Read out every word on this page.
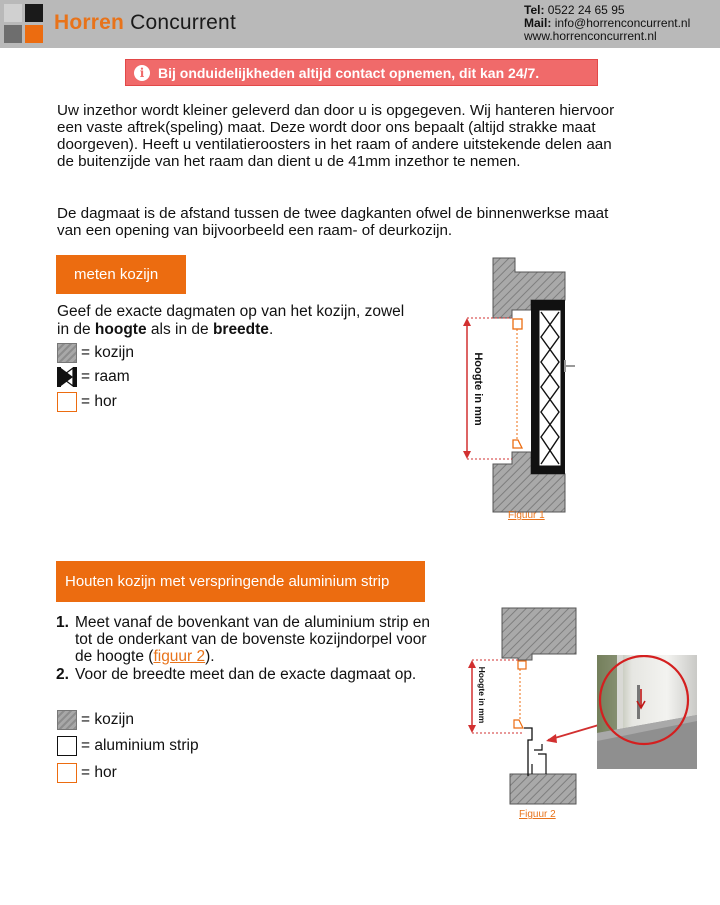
Horren Concurrent
Tel: 0522 24 65 95
Mail: info@horrenconcurrent.nl
www.horrenconcurrent.nl
i Bij onduidelijkheden altijd contact opnemen, dit kan 24/7.
Uw inzethor wordt kleiner geleverd dan door u is opgegeven. Wij hanteren hiervoor een vaste aftrek(speling) maat. Deze wordt door ons bepaalt (altijd strakke maat doorgeven). Heeft u ventilatieroosters in het raam of andere uitstekende delen aan de buitenzijde van het raam dan dient u de 41mm inzethor te nemen.
De dagmaat is de afstand tussen de twee dagkanten ofwel de binnenwerkse maat van een opening van bijvoorbeeld een raam- of deurkozijn.
meten kozijn
Geef de exacte dagmaten op van het kozijn, zowel in de hoogte als in de breedte.
= kozijn
= raam
= hor	Hoogte in mm
Figuur 1
Houten kozijn met verspringende aluminium strip
1. Meet vanaf de bovenkant van de aluminium strip en tot de onderkant van de bovenste kozijndorpel voor de hoogte (figuur 2).
2. Voor de breedte meet dan de exacte dagmaat op.
= kozijn
= aluminium strip
= hor
Hoogte in mm
Figuur 2
